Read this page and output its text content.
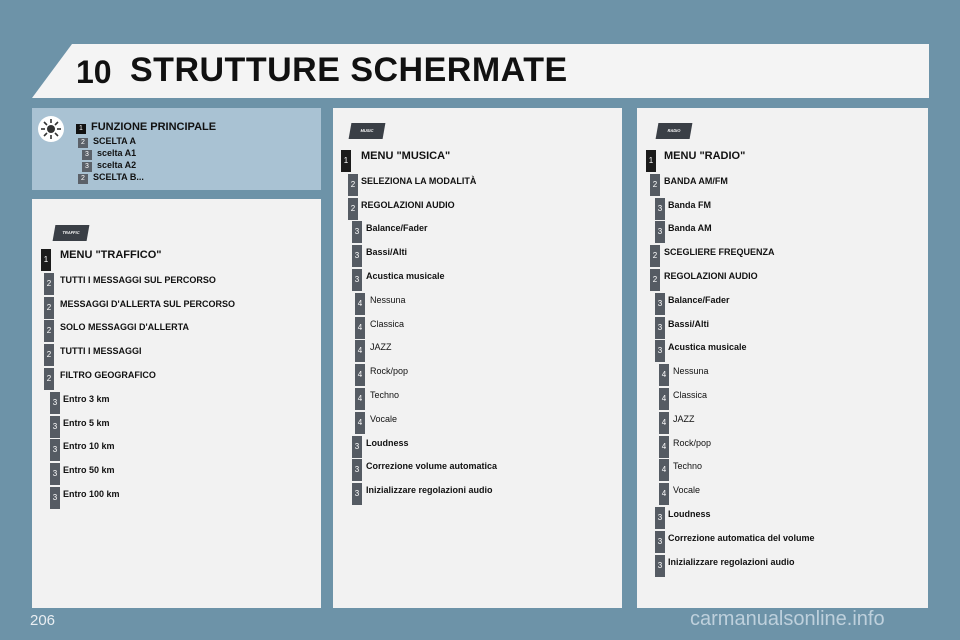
10 STRUTTURE SCHERMATE
1 FUNZIONE PRINCIPALE
2 SCELTA A
3 scelta A1
3 scelta A2
2 SCELTA B...
TRAFFIC
1 MENU "TRAFFICO"
2 TUTTI I MESSAGGI SUL PERCORSO
2 MESSAGGI D'ALLERTA SUL PERCORSO
2 SOLO MESSAGGI D'ALLERTA
2 TUTTI I MESSAGGI
2 FILTRO GEOGRAFICO
3 Entro 3 km
3 Entro 5 km
3 Entro 10 km
3 Entro 50 km
3 Entro 100 km
MUSIC
1 MENU "MUSICA"
2 SELEZIONA LA MODALITÀ
2 REGOLAZIONI AUDIO
3 Balance/Fader
3 Bassi/Alti
3 Acustica musicale
4 Nessuna
4 Classica
4 JAZZ
4 Rock/pop
4 Techno
4 Vocale
3 Loudness
3 Correzione volume automatica
3 Inizializzare regolazioni audio
RADIO
1 MENU "RADIO"
2 BANDA AM/FM
3 Banda FM
3 Banda AM
2 SCEGLIERE FREQUENZA
2 REGOLAZIONI AUDIO
3 Balance/Fader
3 Bassi/Alti
3 Acustica musicale
4 Nessuna
4 Classica
4 JAZZ
4 Rock/pop
4 Techno
4 Vocale
3 Loudness
3 Correzione automatica del volume
3 Inizializzare regolazioni audio
206	carmanualsonline.info
